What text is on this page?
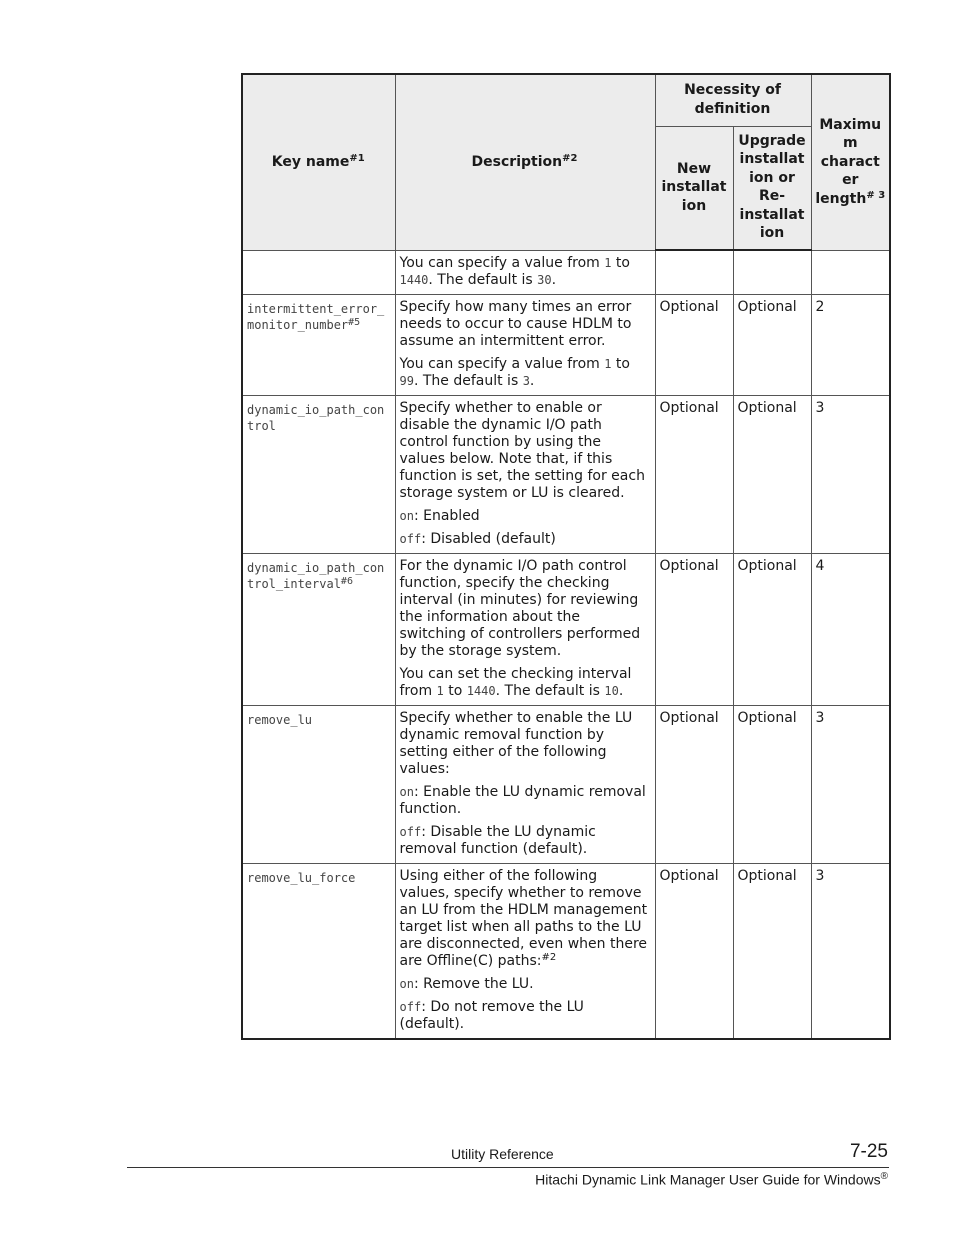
Key name$^{\#1}$	Description$^{\#2}$	Necessity of definition		Maximu m charact er length$^{\# 3}$
		New installat ion	Upgrade installat ion or Re- installat ion	

	You can specify a value from 1 to 1440. The default is 30.			

intermittent_error_monitor_number$^{\#5}$	Specify how many times an error needs to occur to cause HDLM to assume an intermittent error.

You can specify a value from 1 to 99. The default is 3.	Optional	Optional	2
dynamic_io_path_control	Specify whether to enable or disable the dynamic I/O path control function by using the values below. Note that, if this function is set, the setting for each storage system or LU is cleared.

on: Enabled

off: Disabled (default)	Optional	Optional	3
dynamic_io_path_control_interval$^{\#6}$	For the dynamic I/O path control function, specify the checking interval (in minutes) for reviewing the information about the switching of controllers performed by the storage system.

You can set the checking interval from 1 to 1440. The default is 10.	Optional	Optional	4
remove_lu	Specify whether to enable the LU dynamic removal function by setting either of the following values:

on: Enable the LU dynamic removal function.

off: Disable the LU dynamic removal function (default).	Optional	Optional	3
remove_lu_force	Using either of the following values, specify whether to remove an LU from the HDLM management target list when all paths to the LU are disconnected, even when there are Offline(C) paths:$^{\#2}$

on: Remove the LU.

off: Do not remove the LU (default).	Optional	Optional	3
Utility Reference	7-25
Hitachi Dynamic Link Manager User Guide for Windows®
